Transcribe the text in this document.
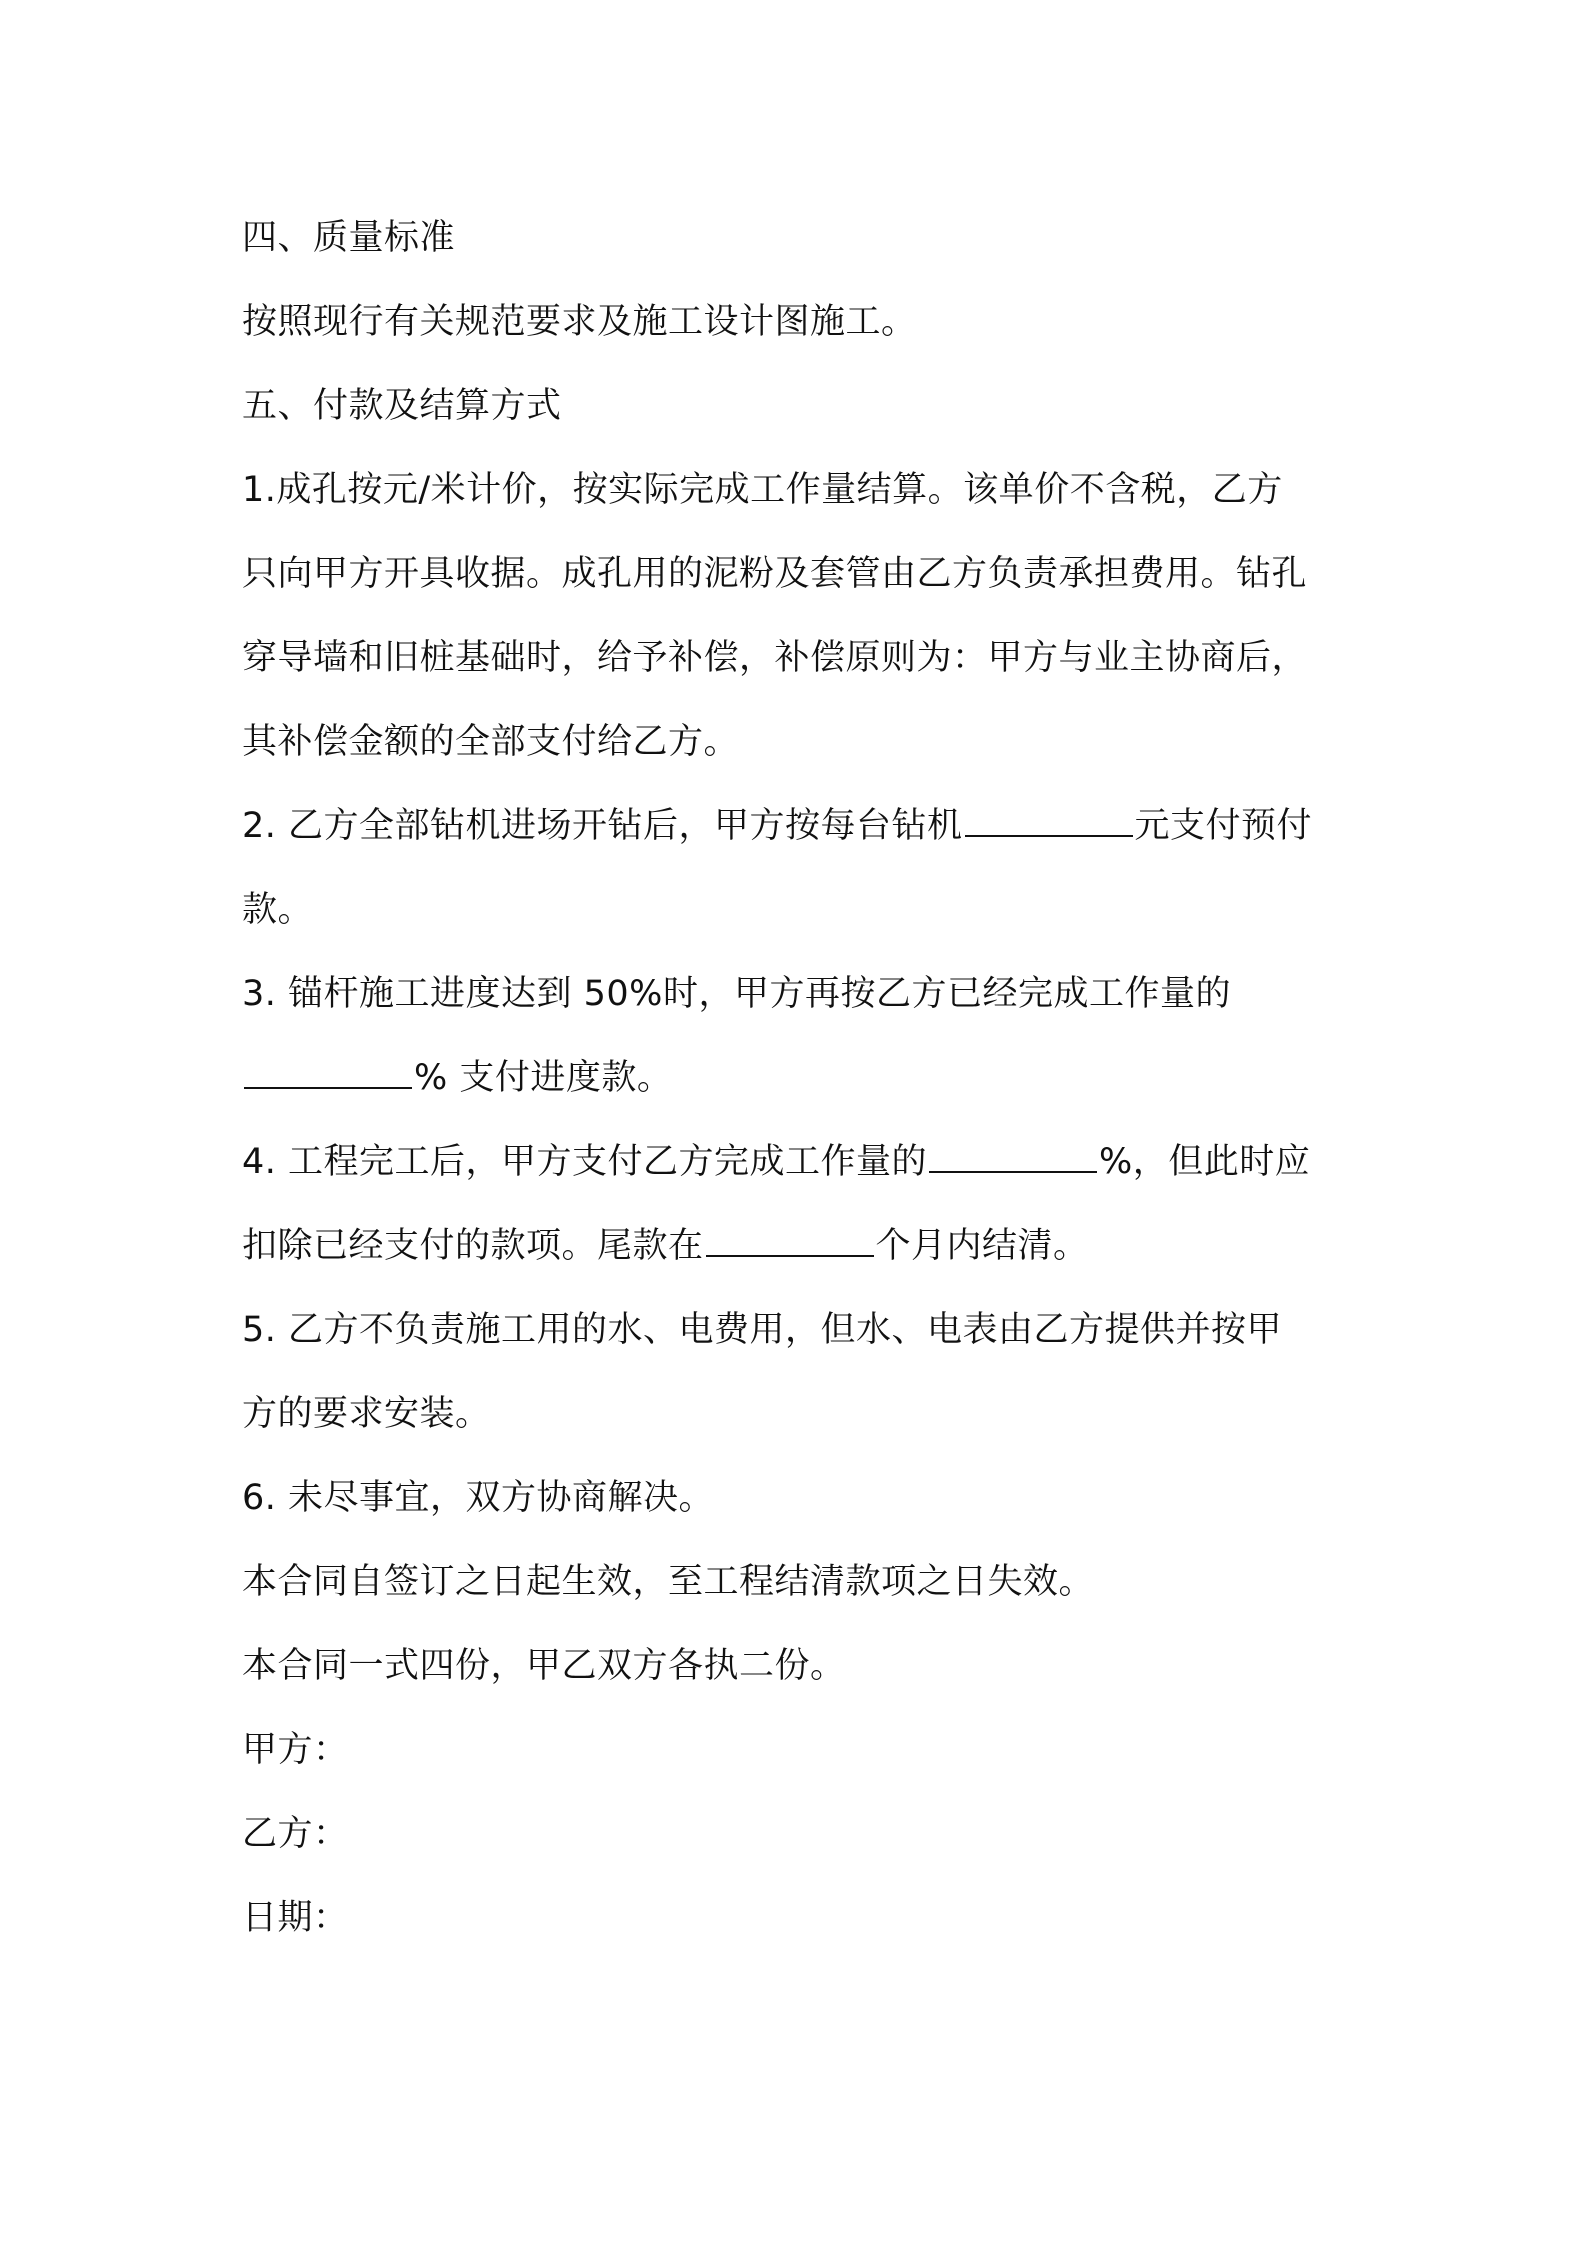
四、质量标准
按照现行有关规范要求及施工设计图施工。
五、付款及结算方式
1.成孔按元/米计价，按实际完成工作量结算。该单价不含税，乙方
只向甲方开具收据。成孔用的泥粉及套管由乙方负责承担费用。钻孔
穿导墙和旧桩基础时，给予补偿，补偿原则为：甲方与业主协商后，
其补偿金额的全部支付给乙方。
2. 乙方全部钻机进场开钻后，甲方按每台钻机	元支付预付
款。
3. 锚杆施工进度达到 50%时，甲方再按乙方已经完成工作量的
% 支付进度款。
4. 工程完工后，甲方支付乙方完成工作量的	%，但此时应
扣除已经支付的款项。尾款在	个月内结清。
5. 乙方不负责施工用的水、电费用，但水、电表由乙方提供并按甲
方的要求安装。
6. 未尽事宜，双方协商解决。
本合同自签订之日起生效，至工程结清款项之日失效。
本合同一式四份，甲乙双方各执二份。
甲方：
乙方：
日期：
